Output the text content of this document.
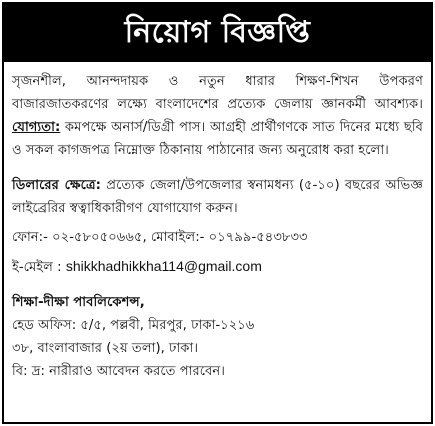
নিয়োগ বিজ্ঞপ্তি

সৃজনশীল, আনন্দদায়ক ও নতুন ধারার শিক্ষণ-শিখন উপকরণ বাজারজাতকরণের লক্ষ্যে বাংলাদেশের প্রত্যেক জেলায় জ্ঞানকর্মী আবশ্যক। যোগ্যতা: কমপক্ষে অনার্স/ডিগ্রী পাস। আগ্রহী প্রার্থীগণকে সাত দিনের মধ্যে ছবি ও সকল কাগজপত্র নিম্নোক্ত ঠিকানায় পাঠানোর জন্য অনুরোধ করা হলো।

ডিলারের ক্ষেত্রে: প্রত্যেক জেলা/উপজেলার স্বনামধন্য (৫-১০) বছরের অভিজ্ঞ লাইব্রেরির স্বত্বাধিকারীগণ যোগাযোগ করুন।

ফোন:- ০২-৫৮০৫০৬৬৫, মোবাইল:- ০১৭৯৯-৫৪৩৮৩৩

ই-মেইল : shikkhadhikkha114@gmail.com

শিক্ষা-দীক্ষা পাবলিকেশন্স,

হেড অফিস: ৫/৫, পল্লবী, মিরপুর, ঢাকা-১২১৬

৩৮, বাংলাবাজার (২য় তলা), ঢাকা।

বি: দ্র: নারীরাও আবেদন করতে পারবেন।
